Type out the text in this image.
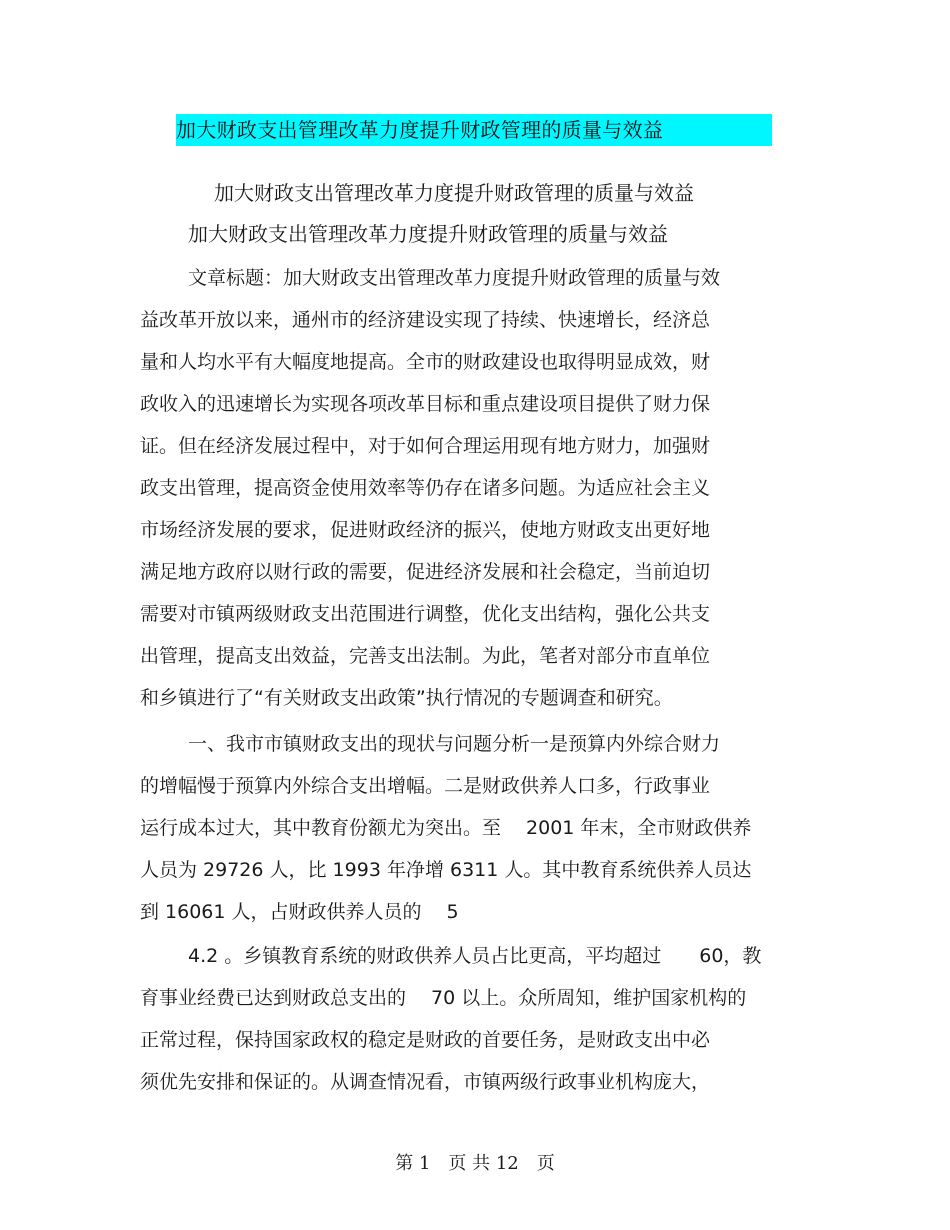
加大财政支出管理改革力度提升财政管理的质量与效益
加大财政支出管理改革力度提升财政管理的质量与效益
加大财政支出管理改革力度提升财政管理的质量与效益
文章标题：加大财政支出管理改革力度提升财政管理的质量与效
益改革开放以来，通州市的经济建设实现了持续、快速增长，经济总
量和人均水平有大幅度地提高。全市的财政建设也取得明显成效，财
政收入的迅速增长为实现各项改革目标和重点建设项目提供了财力保
证。但在经济发展过程中，对于如何合理运用现有地方财力，加强财
政支出管理，提高资金使用效率等仍存在诸多问题。为适应社会主义
市场经济发展的要求，促进财政经济的振兴，使地方财政支出更好地
满足地方政府以财行政的需要，促进经济发展和社会稳定，当前迫切
需要对市镇两级财政支出范围进行调整，优化支出结构，强化公共支
出管理，提高支出效益，完善支出法制。为此，笔者对部分市直单位
和乡镇进行了“有关财政支出政策”执行情况的专题调查和研究。
一、我市市镇财政支出的现状与问题分析一是预算内外综合财力
的增幅慢于预算内外综合支出增幅。二是财政供养人口多，行政事业
运行成本过大，其中教育份额尤为突出。至　 2001 年末，全市财政供养
人员为 29726 人，比 1993 年净增 6311 人。其中教育系统供养人员达
到 16061 人，占财政供养人员的　 5
4.2 。乡镇教育系统的财政供养人员占比更高，平均超过　　60，教
育事业经费已达到财政总支出的　 70 以上。众所周知，维护国家机构的
正常过程，保持国家政权的稳定是财政的首要任务，是财政支出中必
须优先安排和保证的。从调查情况看，市镇两级行政事业机构庞大，
第 1　页 共 12　页
